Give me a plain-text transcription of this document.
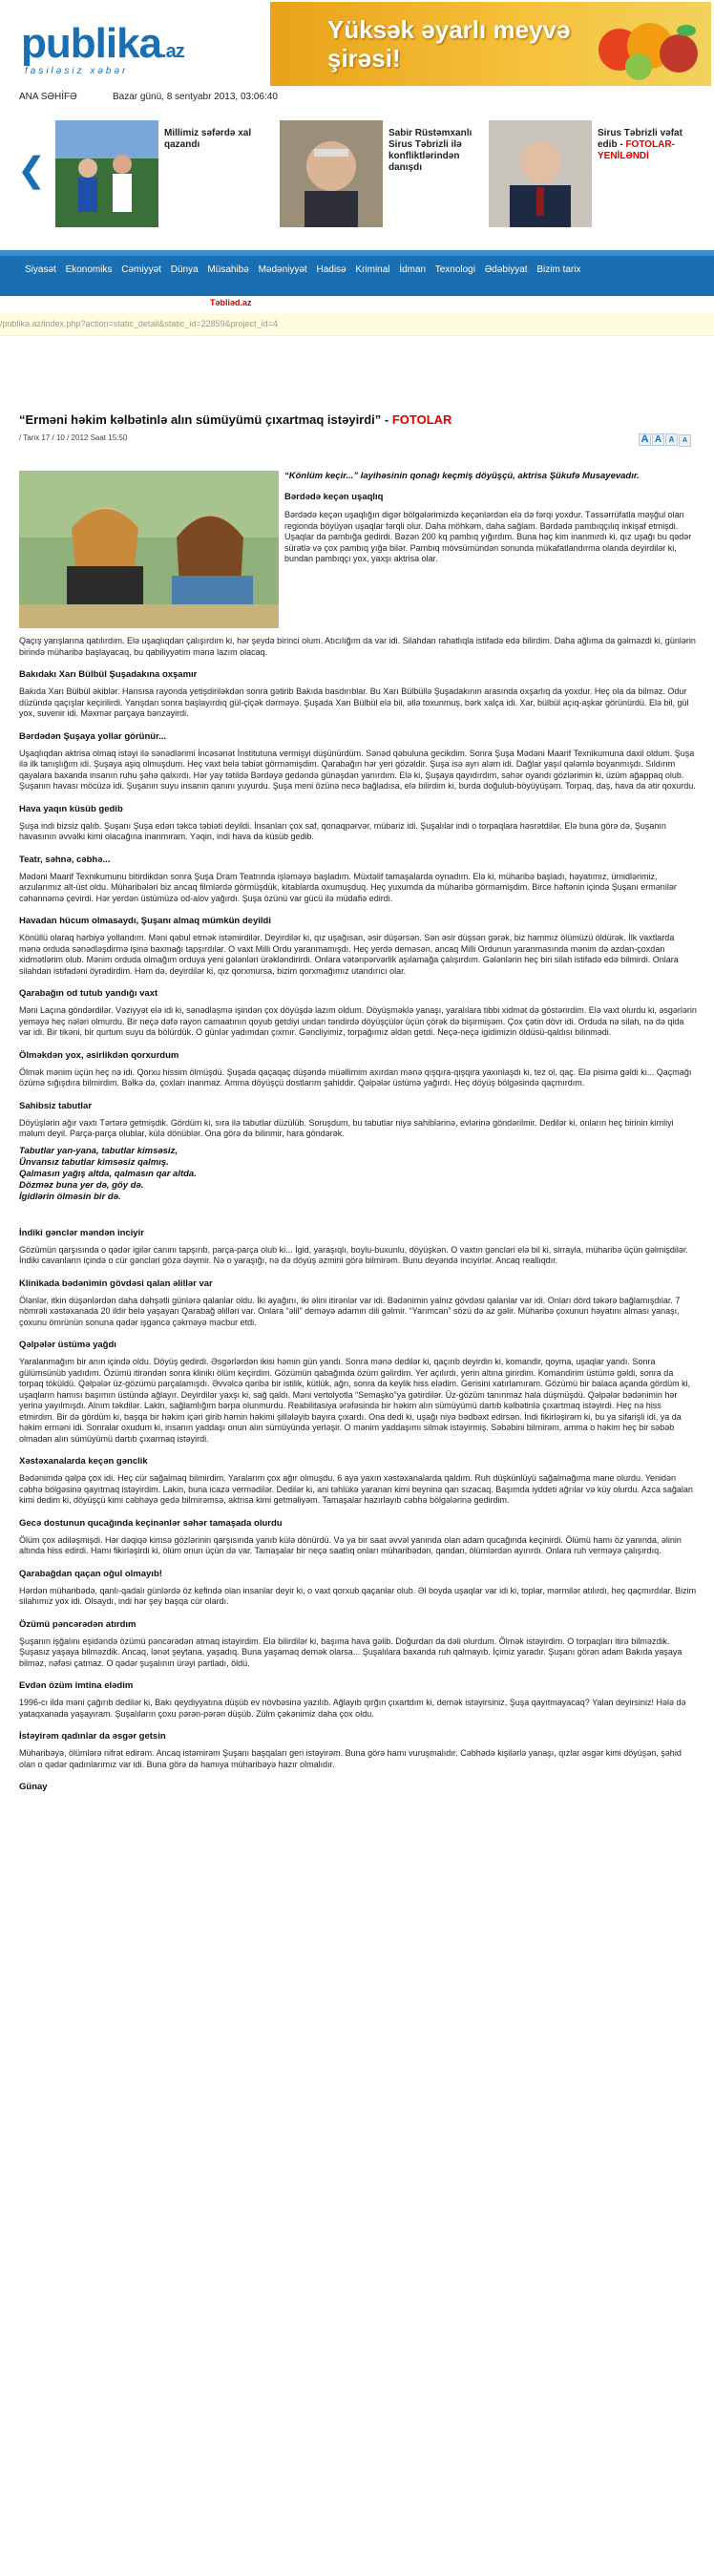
publika.az
fasiləsiz xəbər
Yüksək əyarlı meyvə şirəsi!
ANA SƏHİFƏ	Bazar günü, 8 sentyabr 2013, 03:06:40
❮
Millimiz səfərdə xal qazandı
Sabir Rüstəmxanlı Sirus Təbrizli ilə konfliktlərindən danışdı
Sirus Təbrizli vəfat edib - FOTOLAR-YENİLƏNDİ
Siyasət Ekonomiks Cəmiyyət Dünya Müsahibə Mədəniyyət Hadisə Kriminal İdman Texnologi Ədəbiyyat Bizim tarix
Təbliəd.az
/publika.az/index.php?action=static_detail&static_id=22859&project_id=4
“Erməni həkim kəlbətinlə alın sümüyümü çıxartmaq istəyirdi” - FOTOLAR
/ Tarix 17 / 10 / 2012 Saat 15:50	A A A A
“Könlüm keçir...” layihəsinin qonağı keçmiş döyüşçü, aktrisa Şükufə Musayevadır.
Bərdədə keçən uşaqlıq
Bərdədə keçən uşaqlığın digər bölgələrimizdə keçənlərdən elə də fərqi yoxdur. Təssərrüfatla məşğul olan regionda böyüyən uşaqlar fərqli olur. Daha möhkəm, daha sağlam. Bərdədə pambıqçılıq inkişaf etmişdi. Uşaqlar da pambığa gedirdi. Bəzən 200 kq pambıq yığırdım. Buna həç kim inanmırdı ki, qız uşağı bu qədər sürətlə və çox pambıq yığa bilər. Pambıq mövsümündən sonunda mükafatlandırma olanda deyirdilər ki, bundan pambıqçı yox, yaxşı aktrisa olar.
Qaçış yarışlarına qatılırdım. Elə uşaqlıqdan çalışırdım ki, hər şeydə birinci olum. Atıcılığım da var idi. Silahdan rahatlıqla istifadə edə bilirdim. Daha ağlıma da gəlməzdi ki, günlərin birində müharibə başlayacaq, bu qabiliyyətim mənə lazım olacaq.
Bakıdakı Xarı Bülbül Şuşadakına oxşamır
Bakıda Xarı Bülbül əkiblər. Hansısa rayonda yetişdiriləkdən sonra gətirib Bakıda basdırıblar. Bu Xarı Bülbüllə Şuşadakının arasında oxşarlıq da yoxdur. Heç ola da bilməz. Odur düzündə qaçışlar keçirilirdi. Yarışdan sonra başlayırdıq gül-çiçək dərməyə. Şuşada Xarı Bülbül elə bil, əllə toxunmuş, bərk xalça idi. Xar, bülbül açıq-aşkar görünürdü. Elə bil, gül yox, suvenir idi. Məxmər parçaya bənzəyirdi.
Bərdədən Şuşaya yollar görünür...
Uşaqlıqdan aktrisa olmaq istəyi ilə sənədlərimi İncəsənət İnstitutuna vermişyi düşünürdüm. Sənəd qəbuluna gecikdim. Sonra Şuşa Mədəni Maarif Texnikumuna daxil oldum. Şuşa ilə ilk tanışlığım idi. Şuşaya aşiq olmuşdum. Heç vaxt belə təbiət görməmişdim. Qarabağın hər yeri gözəldir. Şuşa isə ayrı aləm idi. Dağlar yaşıl qələmlə boyanmışdı. Sıldırım qayalara baxanda insanın ruhu şəhə qalxırdı. Hər yay tətildə Bərdəyə gedəndə günəşdən yanırdım. Elə ki, Şuşaya qayıdırdım, səhər oyandı gözlərimin ki, üzüm ağappaq olub. Şuşanın havası möcüzə idi. Şuşanın suyu insanın qanını yuyurdu. Şuşa meni özünə necə bağladısa, elə bilirdim ki, burda doğulub-böyüyüşəm. Torpaq, daş, hava da ətir qoxurdu.
Hava yaqın küsüb gedib
Şuşa indi bizsiz qalıb. Şuşanı Şuşa edən təkcə təbiəti deyildi. İnsanları çox saf, qonaqpərvər, mübariz idi. Şuşalılar indi o torpaqlara həsrətdilər. Elə buna görə də, Şuşanın havasının əvvəlki kimi olacağına inanmıram. Yəqin, indi hava da küsüb gedib.
Teatr, səhnə, cəbhə...
Mədəni Maarif Texnikumunu bitirdikdən sonra Şuşa Dram Teatrında işləməyə başladım. Müxtəlif tamaşalarda oynadım. Elə ki, müharibə başladı, həyatımız, ümidlərimiz, arzularımız alt-üst oldu. Müharibələri biz ancaq filmlərdə görmüşdük, kitablarda oxumuşduq. Heç yuxumda da müharibə görməmişdim. Birce həftənin içində Şuşanı ermənilər cəhənnəmə çevirdi. Hər yerdən üstümüzə od-alov yağırdı. Şuşa özünü var gücü ilə müdafiə edirdi.
Havadan hücum olmasaydı, Şuşanı almaq mümkün deyildi
Könüllü olaraq hərbiyə yollandım. Məni qəbul etmək istəmirdilər. Deyirdilər ki, qız uşağısan, əsir düşərsən. Sən əsir düşsən gərək, biz hammız ölümüzü öldürək. İlk vaxtlarda mənə orduda sənədləşdirmə işinə baxmağı tapşırdılar. O vaxt Milli Ordu yaranmamışdı. Heç yerdə deməsən, ancaq Milli Ordunun yaranmasında mənim də azdan-çoxdan xidmətlərim olub. Mənim orduda olmağım orduya yeni gələnləri ürəkləndirirdi. Onlara vətənpərvərlik aşılamağa çalışırdım. Gələnlərin heç biri silah istifadə edə bilmirdi. Onlara silahdan istifadəni öyrədirdim. Həm də, deyirdilər ki, qız qorxmursa, bizim qorxmağımız utandırıcı olar.
Qarabağın od tutub yandığı vaxt
Məni Laçına göndərdilər. Vəziyyət elə idi ki, sənədləşmə işindən çox döyüşdə lazım oldum. Döyüşməklə yanaşı, yaralılara tibbi xidmət də göstərirdim. Elə vaxt olurdu ki, əsgərlərin yeməyə heç nələri olmurdu. Bir neçə dəfə rayon camaatının qoyub getdiyi undan təndirdə döyüşçülər üçün çörək də bişirmişəm. Çox çətin dövr idi. Orduda nə silah, nə də qida var idi. Bir tikəni, bir qurtum suyu da bölürdük. O günlər yadımdan çıxmır. Gəncliyimiz, torpağımız əldən getdi. Neçə-neçə igidimizin öldüsü-qaldısı bilinmədi.
Ölməkdən yox, əsirlikdən qorxurdum
Ölmək mənim üçün heç nə idi. Qorxu hissim ölmüşdü. Şuşada qaçaqaç düşəndə müəllimim axırdan mənə qışqıra-qışqıra yaxınlaşdı ki, tez ol, qaç. Elə pisimə gəldi ki... Qaçmağı özümə sığışdıra bilmirdim. Bəlkə də, çoxları inanmaz. Amma döyüşçü dostlarım şahiddir. Qəlpələr üstümə yağırdı. Heç döyüş bölgəsində qaçmırdım.
Sahibsiz tabutlar
Döyüşlərin ağır vaxtı Tərtərə getmişdik. Gördüm ki, sıra ilə tabutlar düzülüb. Soruşdum, bu tabutlar niyə sahiblərinə, evlərinə göndərilmir. Dedilər ki, onların heç birinin kimliyi məlum deyil. Parça-parça olublar, külə dönüblər. Ona görə də bilinmir, hara göndərək.
Tabutlar yan-yana, tabutlar kimsəsiz,
Ünvansız tabutlar kimsəsiz qalmış.
Qalmasın yağış altda, qalmasın qar altda.
Dözməz buna yer də, göy də.
İgidlərin ölməsin bir də.
İndiki gənclər məndən inciyir
Gözümün qarşısında o qədər igilər canını tapşırıb, parça-parça olub ki... İgid, yaraşıqlı, boylu-buxunlu, döyüşkən. O vaxtın gəncləri elə bil ki, sirrayla, müharibə üçün gəlmişdilər. İndiki cavanların içində o cür gəncləri gözə dəymir. Nə o yaraşığı, nə də döyüş əzmini görə bilmirəm. Bunu deyəndə inciyirlər. Ancaq reallıqdır.
Klinikada bədənimin gövdəsi qalan əlillər var
Ölənlər, itkin düşənlərdən daha dəhşətli günlərə qalanlar oldu. İki ayağını, iki əlini itirənlər var idi. Bədənimin yalnız gövdəsi qalanlar var idi. Onları dörd təkərə bağlamışdılar. 7 nömrəli xəstəxanada 20 ildir belə yaşayan Qarabağ əlilləri var. Onlara “əlil” deməyə adamın dili gəlmir. “Yarımcan” sözü də az gəlir. Müharibə çoxunun həyatını alması yanaşı, çoxunu ömrünün sonuna qədər işgəncə çəkməyə məcbur etdi.
Qəlpələr üstümə yağdı
Yaralanmağım bir anın içində oldu. Döyüş gedirdi. Əsgərlərdən ikisi həmin gün yandı. Sonra mənə dedilər ki, qaçırıb deyirdin ki, komandir, qoyma, uşaqlar yandı. Sonra gülümsünüb yadıdım. Özümü itirəndən sonra klinikı ölüm keçirdim. Gözümün qabağında özüm gəlirdim. Yer açılırdı, yerin altına girirdim. Komandirim üstümə gəldi, sonra da torpaq töküldü. Qəlpələr üz-gözümü parçalamışdı. Əvvəlcə qəribə bir istilik, kütlük, ağrı, sonra da keylik hiss elədim. Gerisini xatırlamıram. Gözümü bir balaca açanda gördüm ki, uşaqların hamısı başımın üstündə ağlayır. Deyirdilər yaxşı ki, sağ qaldı. Məni vertolyotla “Semaşko”ya gətirdilər. Üz-gözüm tanınmaz hala düşmüşdü. Qəlpələr bədənimin hər yerinə yayılmışdı. Alnım təkdilər. Lakin, sağlamlığım bərpa olunmurdu. Reabilitasiya ərəfəsində bir həkim alın sümüyümü dartıb kəlbətinlə çıxartmaq istəyirdi. Heç nə hiss etmirdim. Bir də gördüm ki, başqa bir həkim içəri girib həmin həkimi şillələyib bayıra çıxardı. Ona dedi ki, uşağı niyə bədbəxt edirsən. İndi fikirləşirəm ki, bu ya sifarişli idi, ya da həkim erməni idi. Sonralar oxudum ki, insanın yaddaşı onun alın sümüyündə yerləşir. O mənim yaddaşımı silmək istəyirmiş. Səbəbini bilmirəm, amma o həkim heç bir səbəb olmadan alın sümüyümü dartıb çıxarmaq istəyirdi.
Xəstəxanalarda keçən gənclik
Bədənimdə qəlpə çox idi. Heç cür sağalmaq bilmirdim. Yaralarım çox ağır olmuşdu. 6 aya yaxın xəstəxanalarda qaldım. Ruh düşkünlüyü sağalmağıma mane olurdu. Yenidən cəbhə bölgəsinə qayıtmaq istəyirdim. Lakin, buna icazə vermədilər. Dedilər ki, ani təhlükə yaranan kimi beyninə qan sızacaq. Başımda iyddeti ağrılar və küy olurdu. Azca sağalan kimi dedim ki, döyüşçü kimi cəbhəyə gedə bilmirəmsə, aktrisa kimi getməliyəm. Tamaşalar hazırlayıb cəbhə bölgələrinə gedirdim.
Gecə dostunun qucağında keçinənlər səhər tamaşada olurdu
Ölüm çox adiləşmişdi. Hər dəqiqə kimsə gözlərinin qarşısında yanıb külə dönürdü. Və ya bir saat əvvəl yanında olan adam qucağında keçinirdi. Ölümü hamı öz yanında, əlinin altında hiss edirdi. Hamı fikirləşirdi ki, ölüm onun üçün də var. Tamaşalar bir neçə saatlıq onları müharibədən, qandan, ölümlərdən ayırırdı. Onlara ruh verməyə çalışırdıq.
Qarabağdan qaçan oğul olmayıb!
Hərdən müharibədə, qanlı-qadalı günlərdə öz kefində olan insanlar deyir ki, o vaxt qorxub qaçanlar olub. Əl boyda uşaqlar var idi ki, toplar, mərmilər atılırdı, heç qaçmırdılar. Bizim silahımız yox idi. Olsaydı, indi hər şey başqa cür olardı.
Özümü pəncərədən atırdım
Şuşanın işğalını eşidəndə özümü pəncərədən atmaq istəyirdim. Elə bilirdilər ki, başıma hava gəlib. Doğurdan da dəli olurdum. Ölmək istəyirdim. O torpaqları itirə bilməzdik. Şuşasız yaşaya bilməzdik. Ancaq, lənət şeytana, yaşadıq. Buna yaşamaq demək olarsa... Şuşalılara baxanda ruh qalmayıb. İçimiz yaradır. Şuşanı görən adam Bakıda yaşaya bilməz, nəfəsi çatmaz. O qədər şuşalının ürəyi partladı, öldü.
Evdən özüm imtina elədim
1996-cı ildə məni çağırıb dedilər ki, Bakı qeydiyyatına düşüb ev növbəsinə yazılıb. Ağlayıb qırğın çıxartdım ki, demək istəyirsiniz, Şuşa qayıtmayacaq? Yalan deyirsiniz! Hələ də yataqxanada yaşayıram. Şuşalıların çoxu pərən-pərən düşüb. Zülm çəkənimiz daha çox oldu.
İstəyirəm qadınlar da əsgər getsin
Müharibəyə, ölümlərə nifrət edirəm. Ancaq istəmirəm Şuşanı başqaları geri istəyirəm. Buna görə hamı vuruşmalıdır. Cəbhədə kişilərlə yanaşı, qızlar əsgər kimi döyüşən, şəhid olan o qədər qadınlarımız var idi. Buna görə də hamıya müharibəyə hazır olmalıdır.
Günay
